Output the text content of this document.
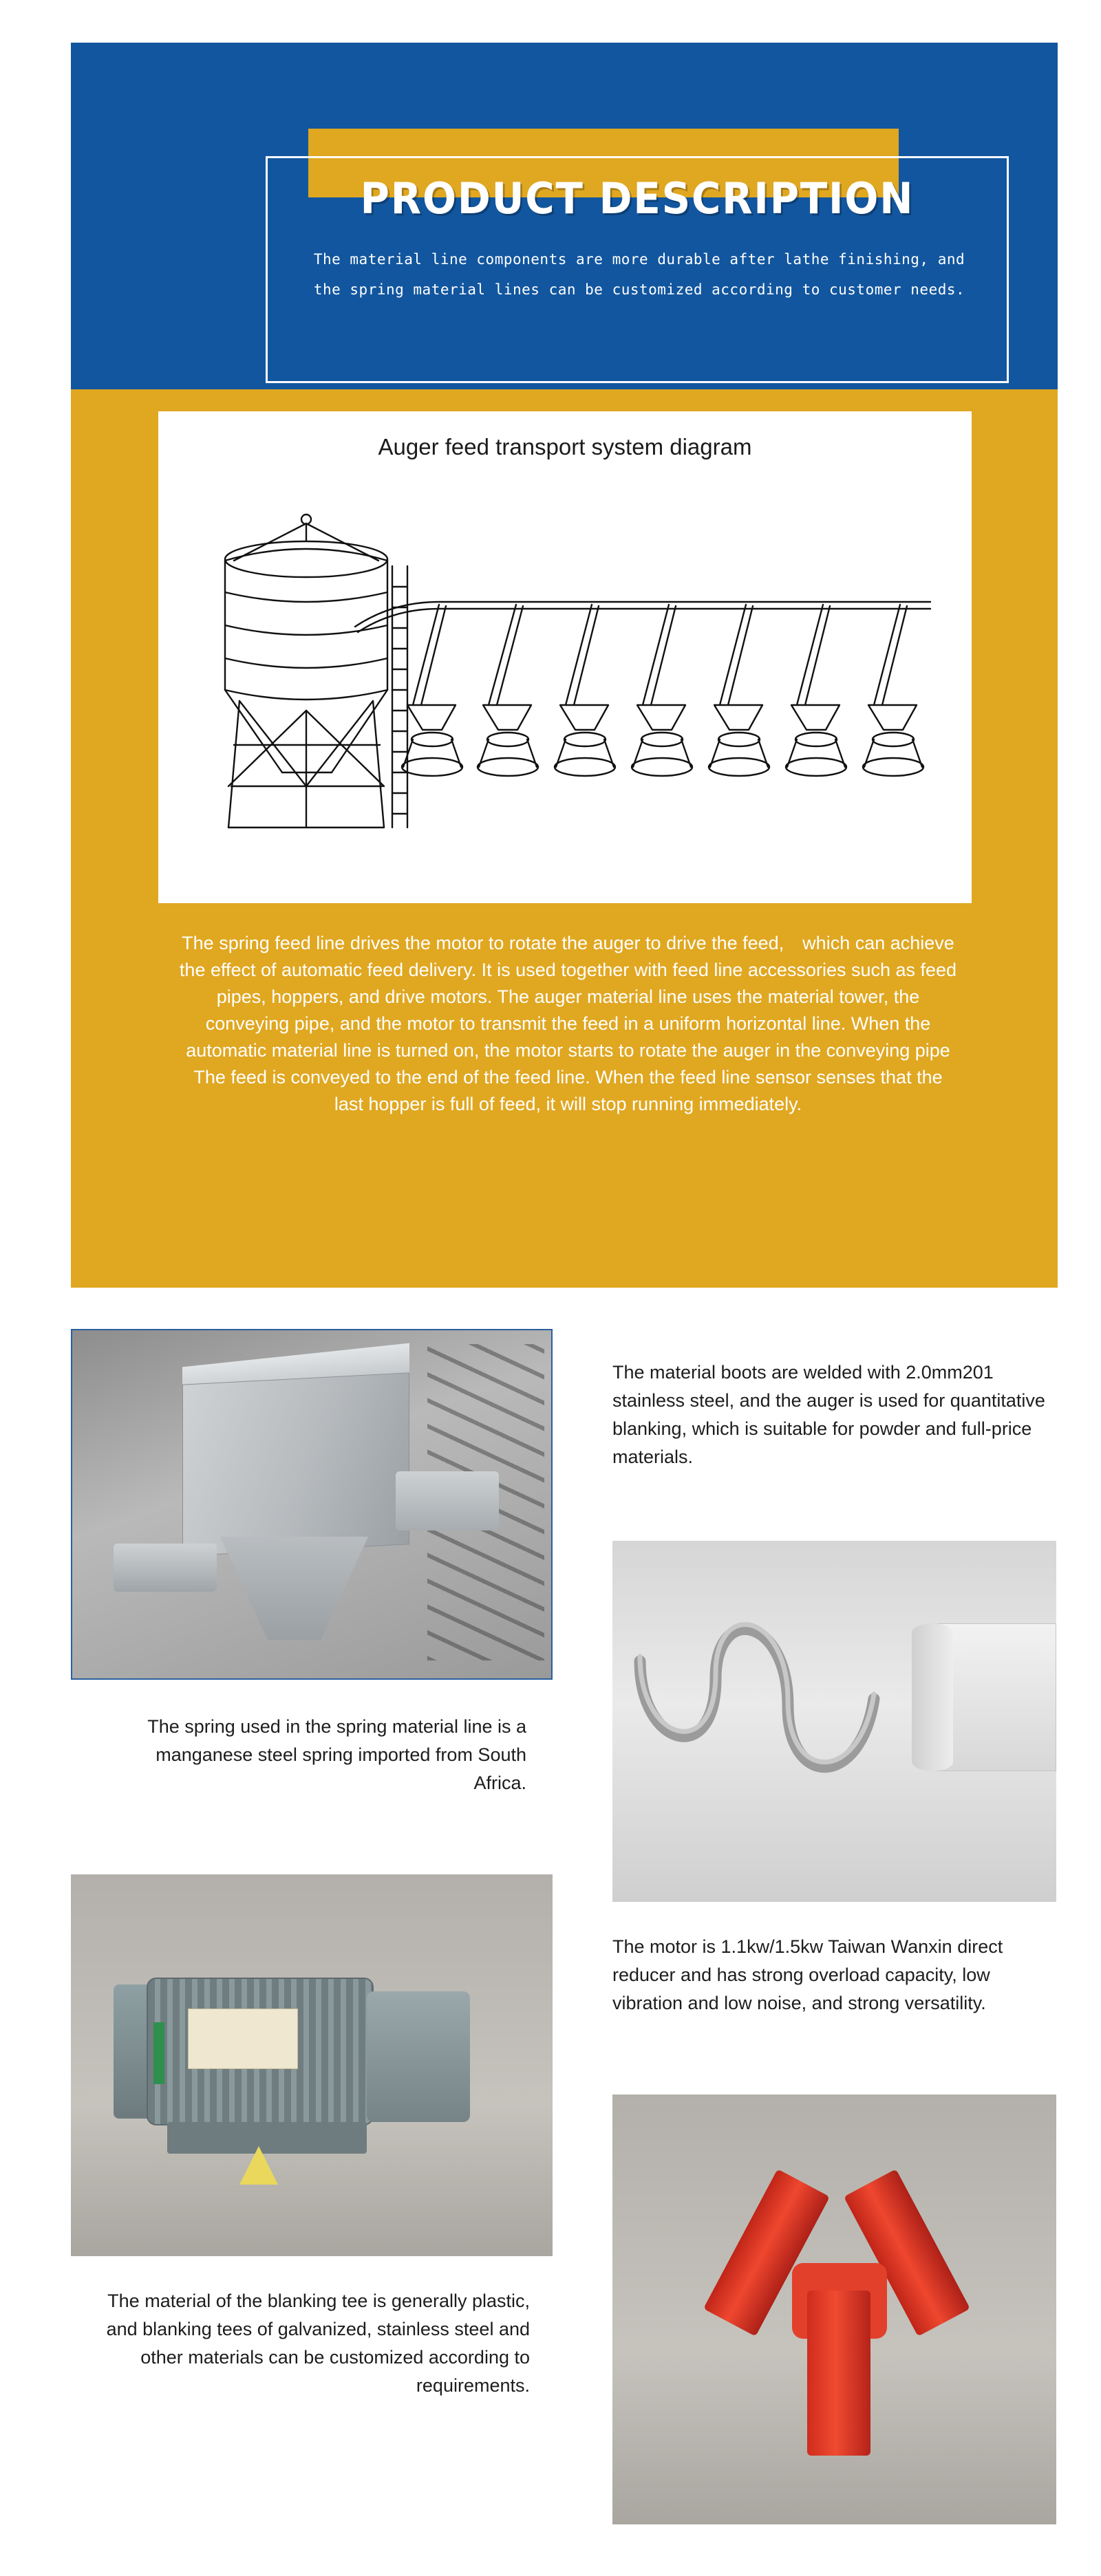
PRODUCT DESCRIPTION
The material line components are more durable after lathe finishing, and
the spring material lines can be customized according to customer needs.
Auger feed transport system diagram
The spring feed line drives the motor to rotate the auger to drive the feed,　which can achieve the effect of automatic feed delivery. It is used together with feed line accessories such as feed pipes, hoppers, and drive motors. The auger material line uses the material tower, the conveying pipe, and the motor to transmit the feed in a uniform horizontal line. When the automatic material line is turned on, the motor starts to rotate the auger in the conveying pipe The feed is conveyed to the end of the feed line. When the feed line sensor senses that the last hopper is full of feed, it will stop running immediately.
The material boots are welded with 2.0mm201 stainless steel, and the auger is used for quantitative blanking, which is suitable for powder and full-price materials.
The spring used in the spring material line is a manganese steel spring imported from South Africa.
The motor is 1.1kw/1.5kw Taiwan Wanxin direct reducer and has strong overload capacity, low vibration and low noise, and strong versatility.
The material of the blanking tee is generally plastic, and blanking tees of galvanized, stainless steel and other materials can be customized according to requirements.
